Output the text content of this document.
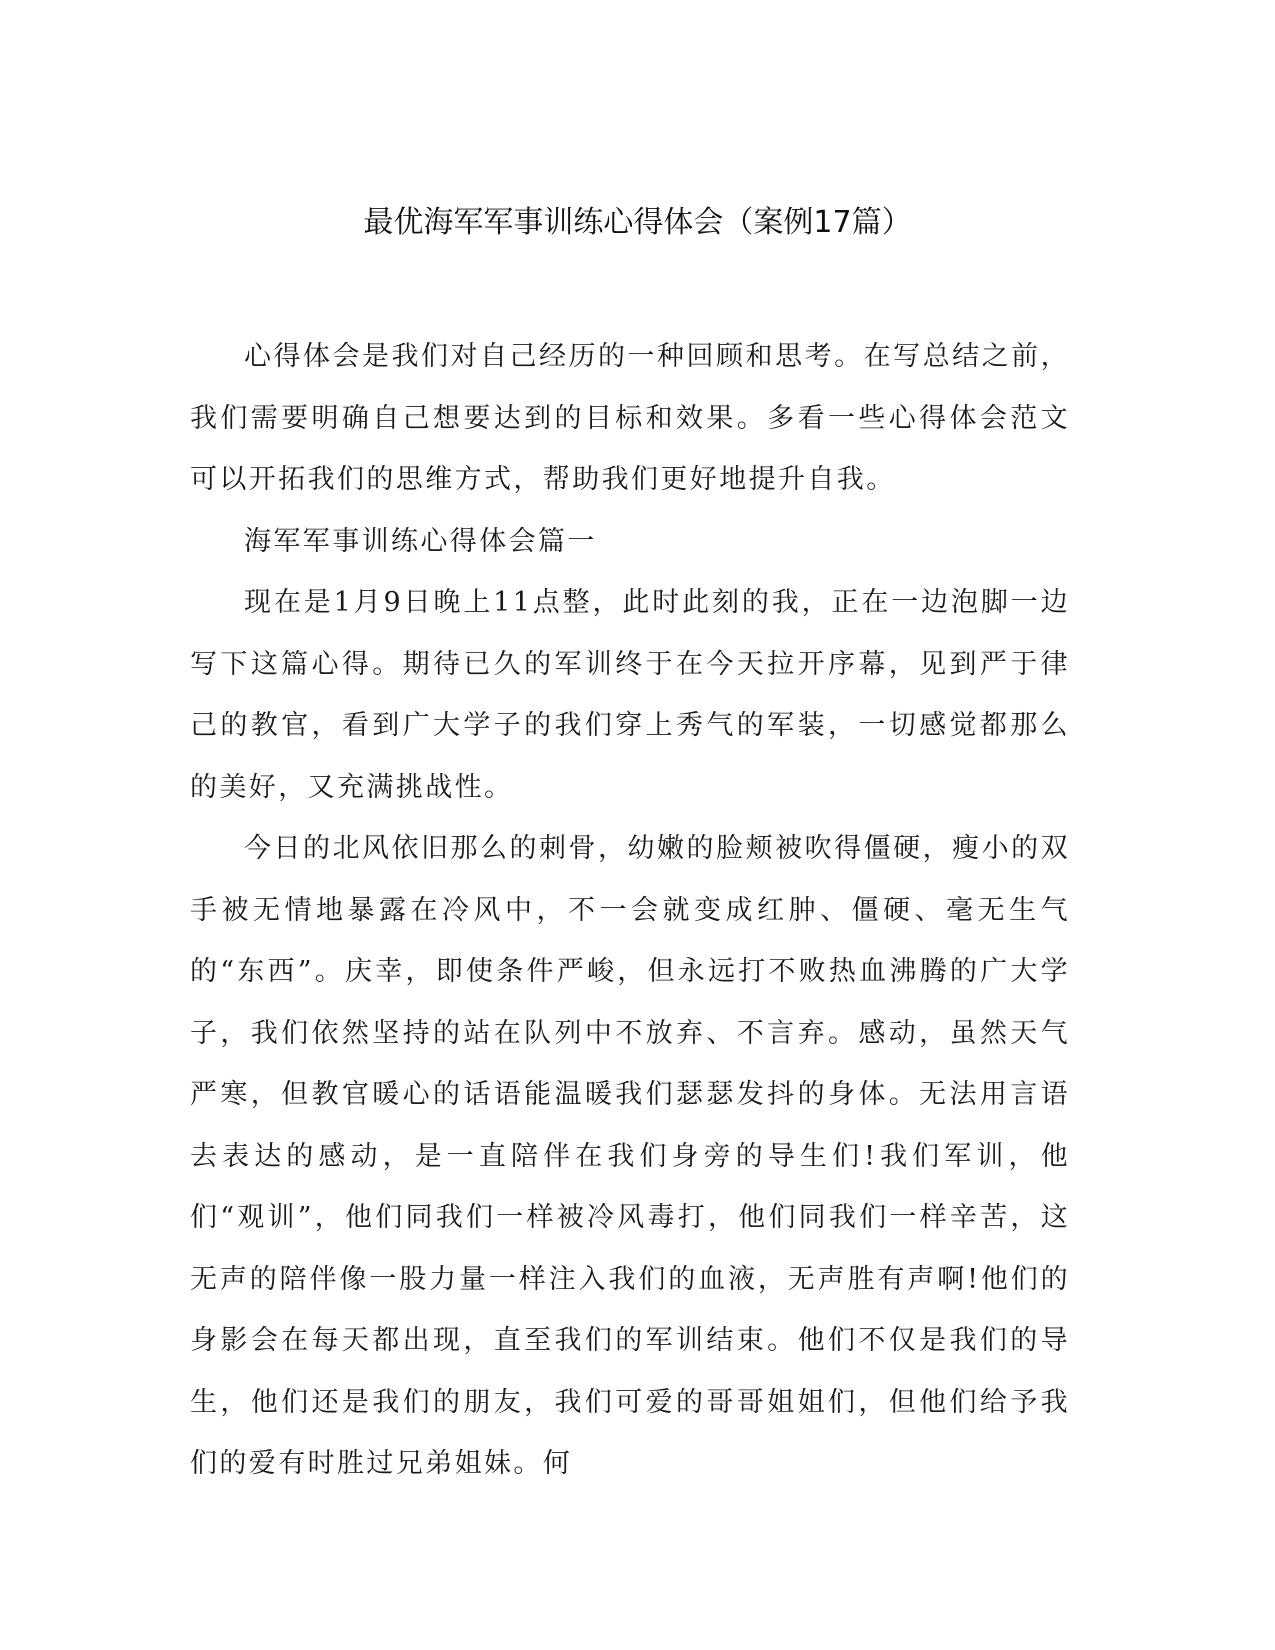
最优海军军事训练心得体会（案例17篇）

心得体会是我们对自己经历的一种回顾和思考。在写总结之前，我们需要明确自己想要达到的目标和效果。多看一些心得体会范文可以开拓我们的思维方式，帮助我们更好地提升自我。

海军军事训练心得体会篇一

现在是1月9日晚上11点整，此时此刻的我，正在一边泡脚一边写下这篇心得。期待已久的军训终于在今天拉开序幕，见到严于律己的教官，看到广大学子的我们穿上秀气的军装，一切感觉都那么的美好，又充满挑战性。

今日的北风依旧那么的刺骨，幼嫩的脸颊被吹得僵硬，瘦小的双手被无情地暴露在冷风中，不一会就变成红肿、僵硬、毫无生气的“东西”。庆幸，即使条件严峻，但永远打不败热血沸腾的广大学子，我们依然坚持的站在队列中不放弃、不言弃。感动，虽然天气严寒，但教官暖心的话语能温暖我们瑟瑟发抖的身体。无法用言语去表达的感动，是一直陪伴在我们身旁的导生们!我们军训，他们“观训”，他们同我们一样被冷风毒打，他们同我们一样辛苦，这无声的陪伴像一股力量一样注入我们的血液，无声胜有声啊!他们的身影会在每天都出现，直至我们的军训结束。他们不仅是我们的导生，他们还是我们的朋友，我们可爱的哥哥姐姐们，但他们给予我们的爱有时胜过兄弟姐妹。何
